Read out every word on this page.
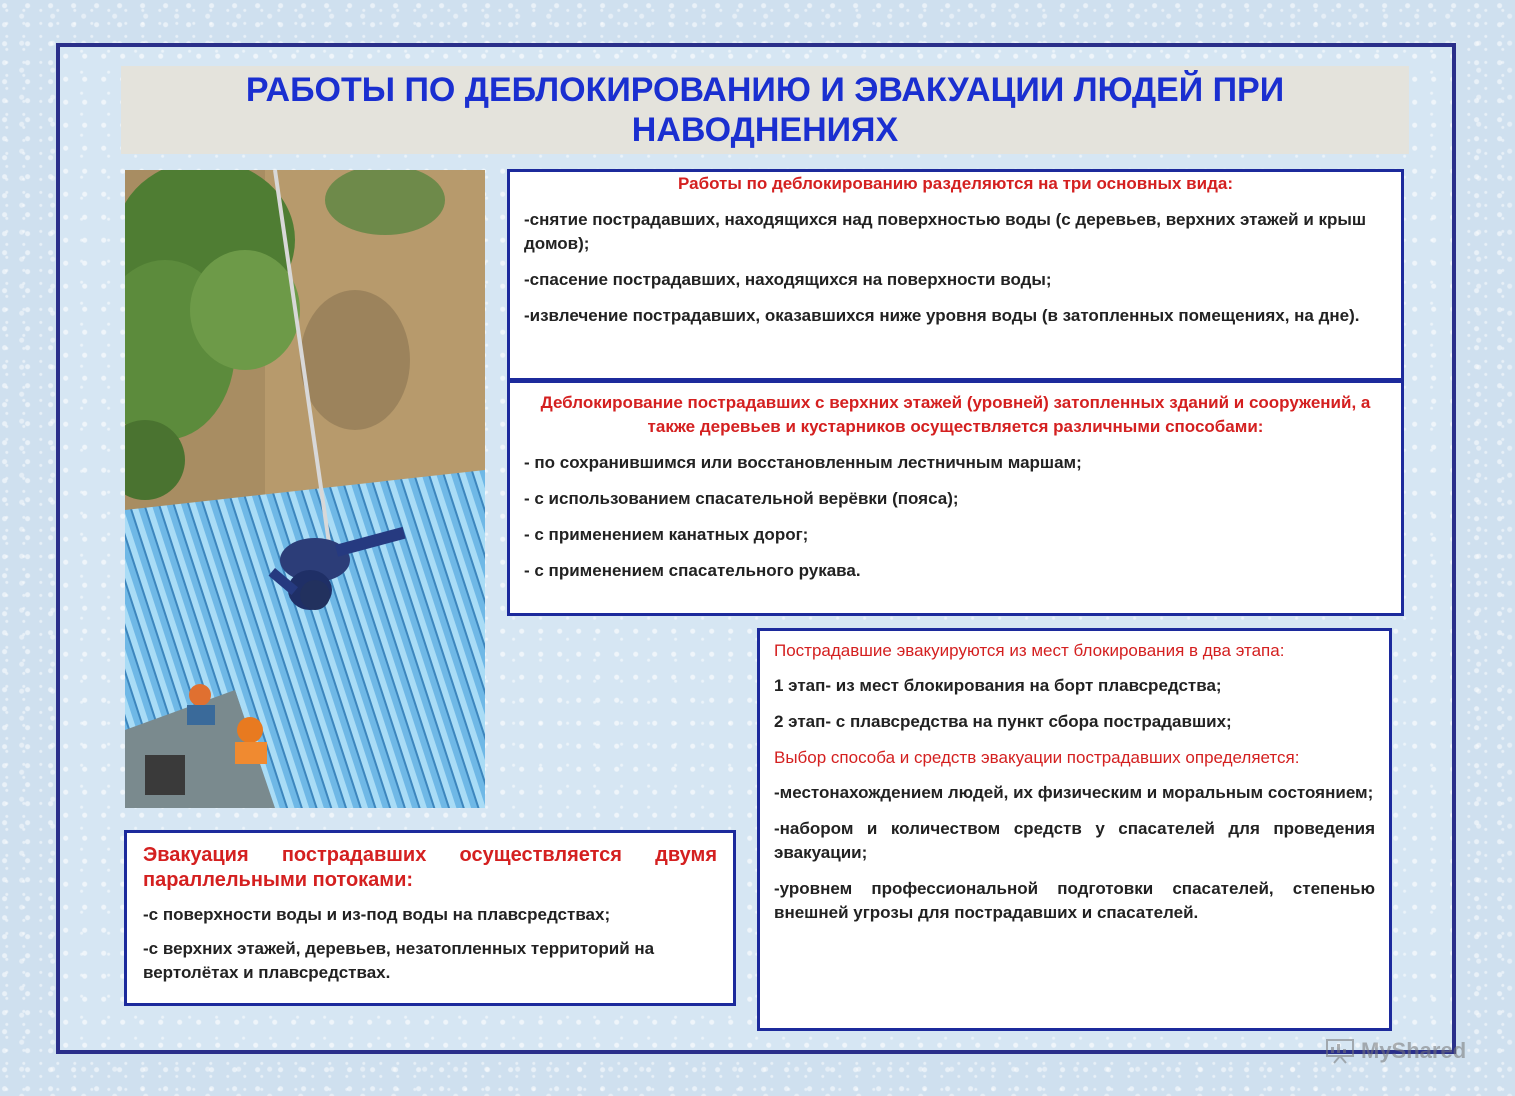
РАБОТЫ ПО ДЕБЛОКИРОВАНИЮ И ЭВАКУАЦИИ ЛЮДЕЙ ПРИ
НАВОДНЕНИЯХ

Работы по деблокированию разделяются на три основных вида:

-снятие пострадавших, находящихся над поверхностью воды (с деревьев, верхних этажей и крыш домов);

-спасение пострадавших, находящихся на поверхности воды;

-извлечение пострадавших, оказавшихся ниже уровня воды (в затопленных помещениях, на дне).

Деблокирование пострадавших с верхних этажей (уровней) затопленных зданий и сооружений, а также деревьев и кустарников осуществляется различными способами:

- по сохранившимся или восстановленным лестничным маршам;

- с использованием спасательной верёвки (пояса);

- с применением канатных дорог;

- с применением спасательного рукава.

Пострадавшие эвакуируются из мест блокирования в два этапа:

1 этап- из мест блокирования на борт плавсредства;

2 этап- с плавсредства на пункт сбора пострадавших;

Выбор способа и средств эвакуации пострадавших определяется:

-местонахождением людей, их физическим и моральным состоянием;

-набором и количеством средств у спасателей для проведения эвакуации;

-уровнем профессиональной подготовки спасателей, степенью внешней угрозы для пострадавших и спасателей.

Эвакуация пострадавших осуществляется двумя параллельными потоками:

-с поверхности воды и из-под воды на плавсредствах;

-с верхних этажей, деревьев, незатопленных территорий на вертолётах и плавсредствах.

MyShared
